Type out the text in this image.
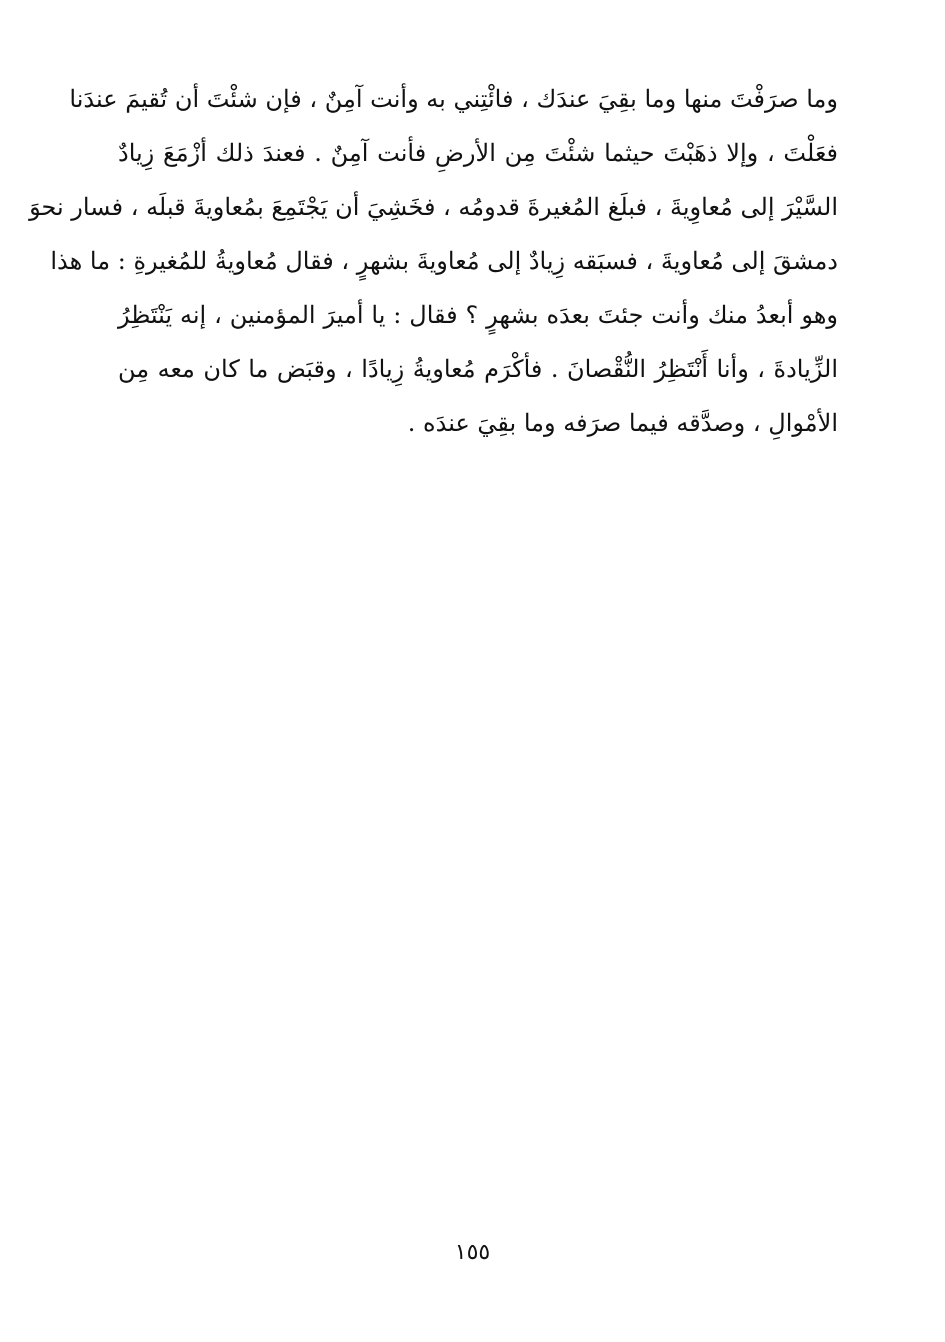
وما صرَفْتَ منها وما بقِيَ عندَك ، فائْتِني به وأنت آمِنٌ ، فإن شئْتَ أن تُقيمَ عندَنا
فعَلْتَ ، وإلا ذهَبْتَ حيثما شئْتَ مِن الأرضِ فأنت آمِنٌ . فعندَ ذلك أزْمَعَ زِيادٌ
السَّيْرَ إلى مُعاوِيةَ ، فبلَغ المُغيرةَ قدومُه ، فخَشِيَ أن يَجْتَمِعَ بمُعاويةَ قبلَه ، فسار نحوَ
دمشقَ إلى مُعاويةَ ، فسبَقه زِيادٌ إلى مُعاويةَ بشهرٍ ، فقال مُعاويةُ للمُغيرةِ : ما هذا
وهو أبعدُ منك وأنت جئتَ بعدَه بشهرٍ ؟ فقال : يا أميرَ المؤمنين ، إنه يَنْتَظِرُ
الزِّيادةَ ، وأنا أَنْتَظِرُ النُّقْصانَ . فأكْرَم مُعاويةُ زِيادًا ، وقبَض ما كان معه مِن
الأمْوالِ ، وصدَّقه فيما صرَفه وما بقِيَ عندَه .
١٥٥
